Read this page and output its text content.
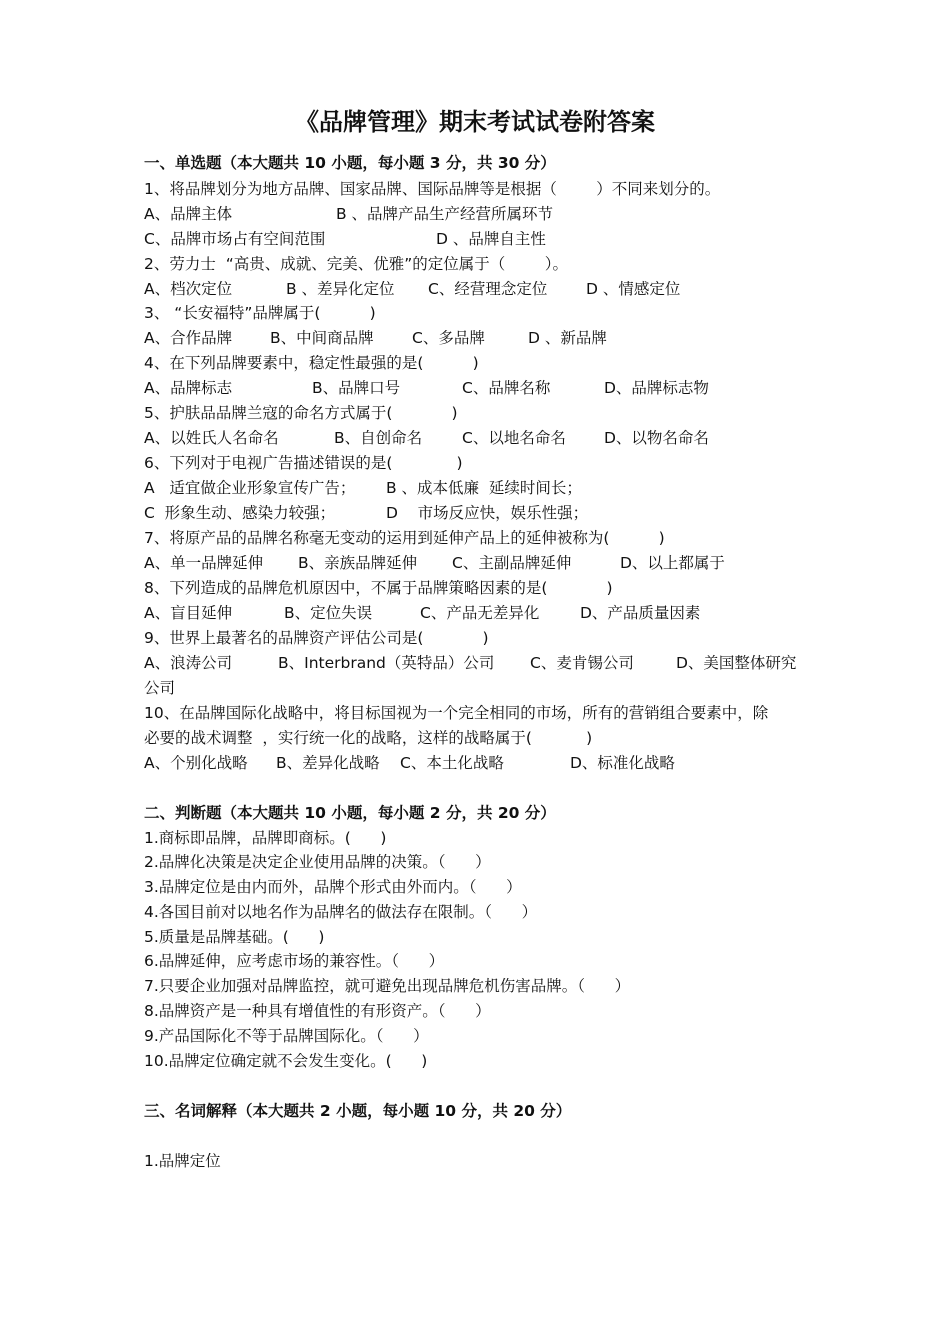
《品牌管理》期末考试试卷附答案
一、单选题（本大题共 10 小题，每小题 3 分，共 30 分）
1、将品牌划分为地方品牌、国家品牌、国际品牌等是根据（        ）不同来划分的。
A、品牌主体	B 、品牌产品生产经营所属环节
C、品牌市场占有空间范围	D 、品牌自主性
2、劳力士  “高贵、成就、完美、优雅”的定位属于（        ）。
A、档次定位	B 、差异化定位 C、经营理念定位 D 、情感定位
3、 “长安福特”品牌属于(          )
A、合作品牌 B、中间商品牌 C、多品牌	D 、新品牌
4、在下列品牌要素中，稳定性最强的是(          )
A、品牌标志	B、品牌口号	C、品牌名称	D、品牌标志物
5、护肤品品牌兰寇的命名方式属于(            )
A、以姓氏人名命名	B、自创命名	C、以地名命名 D、以物名命名
6、下列对于电视广告描述错误的是(             )
A   适宜做企业形象宣传广告； B 、成本低廉  延续时间长；
C  形象生动、感染力较强；	D    市场反应快，娱乐性强；
7、将原产品的品牌名称毫无变动的运用到延伸产品上的延伸被称为(          )
A、单一品牌延伸 B、亲族品牌延伸 C、主副品牌延伸	D、以上都属于
8、下列造成的品牌危机原因中，不属于品牌策略因素的是(            )
A、盲目延伸	B、定位失误	C、产品无差异化	D、产品质量因素
9、世界上最著名的品牌资产评估公司是(            )
A、浪涛公司	B、Interbrand（英特品）公司 C、麦肯锡公司	D、美国整体研究
公司
10、在品牌国际化战略中，将目标国视为一个完全相同的市场，所有的营销组合要素中，除
必要的战术调整  ，实行统一化的战略，这样的战略属于(           )
A、个别化战略 B、差异化战略 C、本土化战略	D、标准化战略
二、判断题（本大题共 10 小题，每小题 2 分，共 20 分）
1.商标即品牌，品牌即商标。(      )
2.品牌化决策是决定企业使用品牌的决策。（      ）
3.品牌定位是由内而外，品牌个形式由外而内。（      ）
4.各国目前对以地名作为品牌名的做法存在限制。（      ）
5.质量是品牌基础。(      )
6.品牌延伸，应考虑市场的兼容性。（      ）
7.只要企业加强对品牌监控，就可避免出现品牌危机伤害品牌。（      ）
8.品牌资产是一种具有增值性的有形资产。（      ）
9.产品国际化不等于品牌国际化。（      ）
10.品牌定位确定就不会发生变化。(      )
三、名词解释（本大题共 2 小题，每小题 10 分，共 20 分）
1.品牌定位
